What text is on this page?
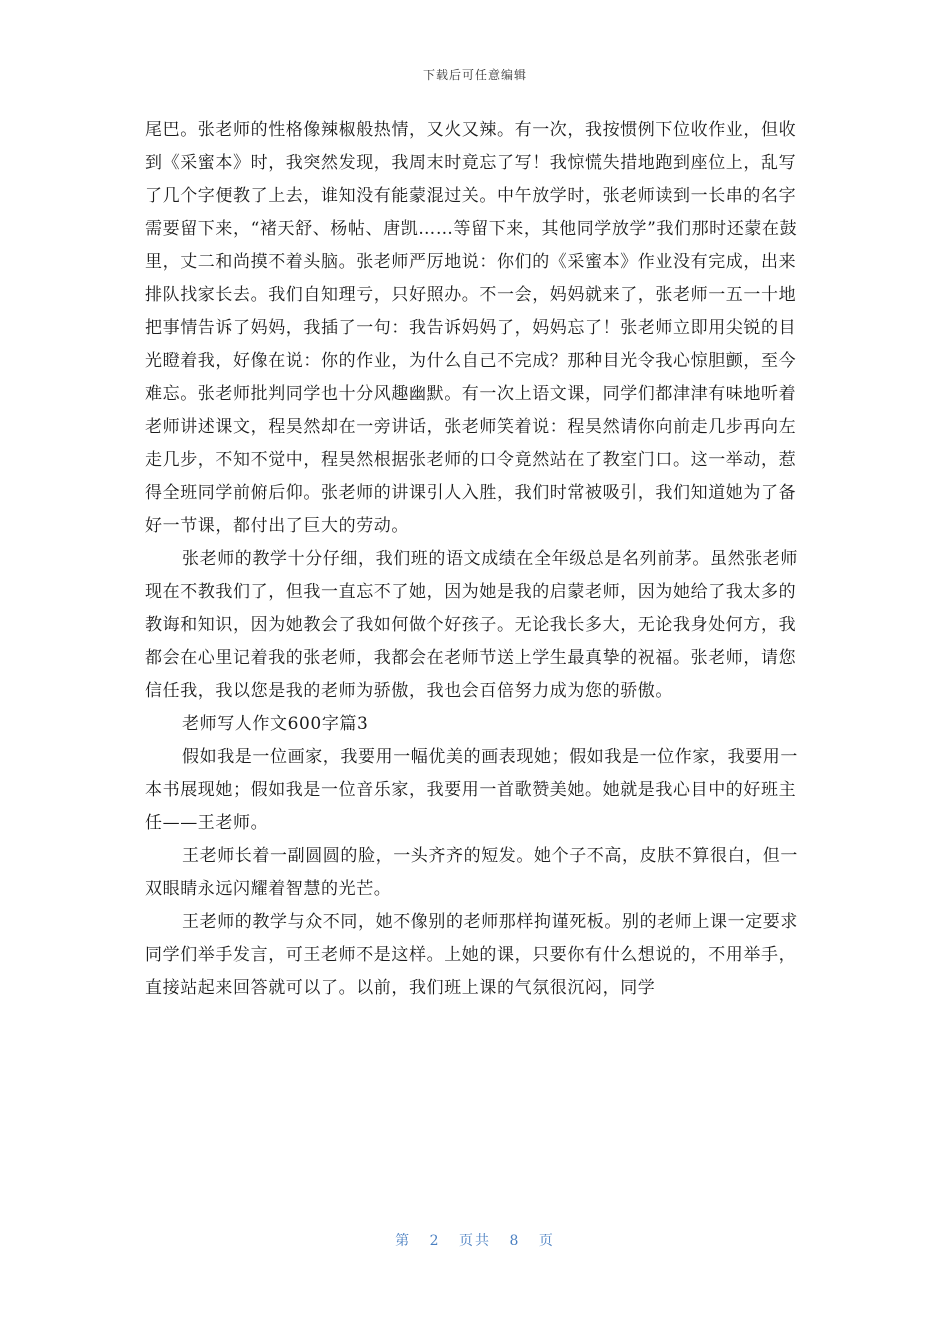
下载后可任意编辑

尾巴。张老师的性格像辣椒般热情，又火又辣。有一次，我按惯例下位收作业，但收到《采蜜本》时，我突然发现，我周末时竟忘了写！我惊慌失措地跑到座位上，乱写了几个字便教了上去，谁知没有能蒙混过关。中午放学时，张老师读到一长串的名字需要留下来，“褚天舒、杨帖、唐凯……等留下来，其他同学放学”我们那时还蒙在鼓里，丈二和尚摸不着头脑。张老师严厉地说：你们的《采蜜本》作业没有完成，出来排队找家长去。我们自知理亏，只好照办。不一会，妈妈就来了，张老师一五一十地把事情告诉了妈妈，我插了一句：我告诉妈妈了，妈妈忘了！张老师立即用尖锐的目光瞪着我，好像在说：你的作业，为什么自己不完成？那种目光令我心惊胆颤，至今难忘。张老师批判同学也十分风趣幽默。有一次上语文课，同学们都津津有味地听着老师讲述课文，程昊然却在一旁讲话，张老师笑着说：程昊然请你向前走几步再向左走几步，不知不觉中，程昊然根据张老师的口令竟然站在了教室门口。这一举动，惹得全班同学前俯后仰。张老师的讲课引人入胜，我们时常被吸引，我们知道她为了备好一节课，都付出了巨大的劳动。

张老师的教学十分仔细，我们班的语文成绩在全年级总是名列前茅。虽然张老师现在不教我们了，但我一直忘不了她，因为她是我的启蒙老师，因为她给了我太多的教诲和知识，因为她教会了我如何做个好孩子。无论我长多大，无论我身处何方，我都会在心里记着我的张老师，我都会在老师节送上学生最真挚的祝福。张老师，请您信任我，我以您是我的老师为骄傲，我也会百倍努力成为您的骄傲。

老师写人作文600字篇3

假如我是一位画家，我要用一幅优美的画表现她；假如我是一位作家，我要用一本书展现她；假如我是一位音乐家，我要用一首歌赞美她。她就是我心目中的好班主任——王老师。

王老师长着一副圆圆的脸，一头齐齐的短发。她个子不高，皮肤不算很白，但一双眼睛永远闪耀着智慧的光芒。

王老师的教学与众不同，她不像别的老师那样拘谨死板。别的老师上课一定要求同学们举手发言，可王老师不是这样。上她的课，只要你有什么想说的，不用举手，直接站起来回答就可以了。以前，我们班上课的气氛很沉闷，同学

第 2 页共 8 页
